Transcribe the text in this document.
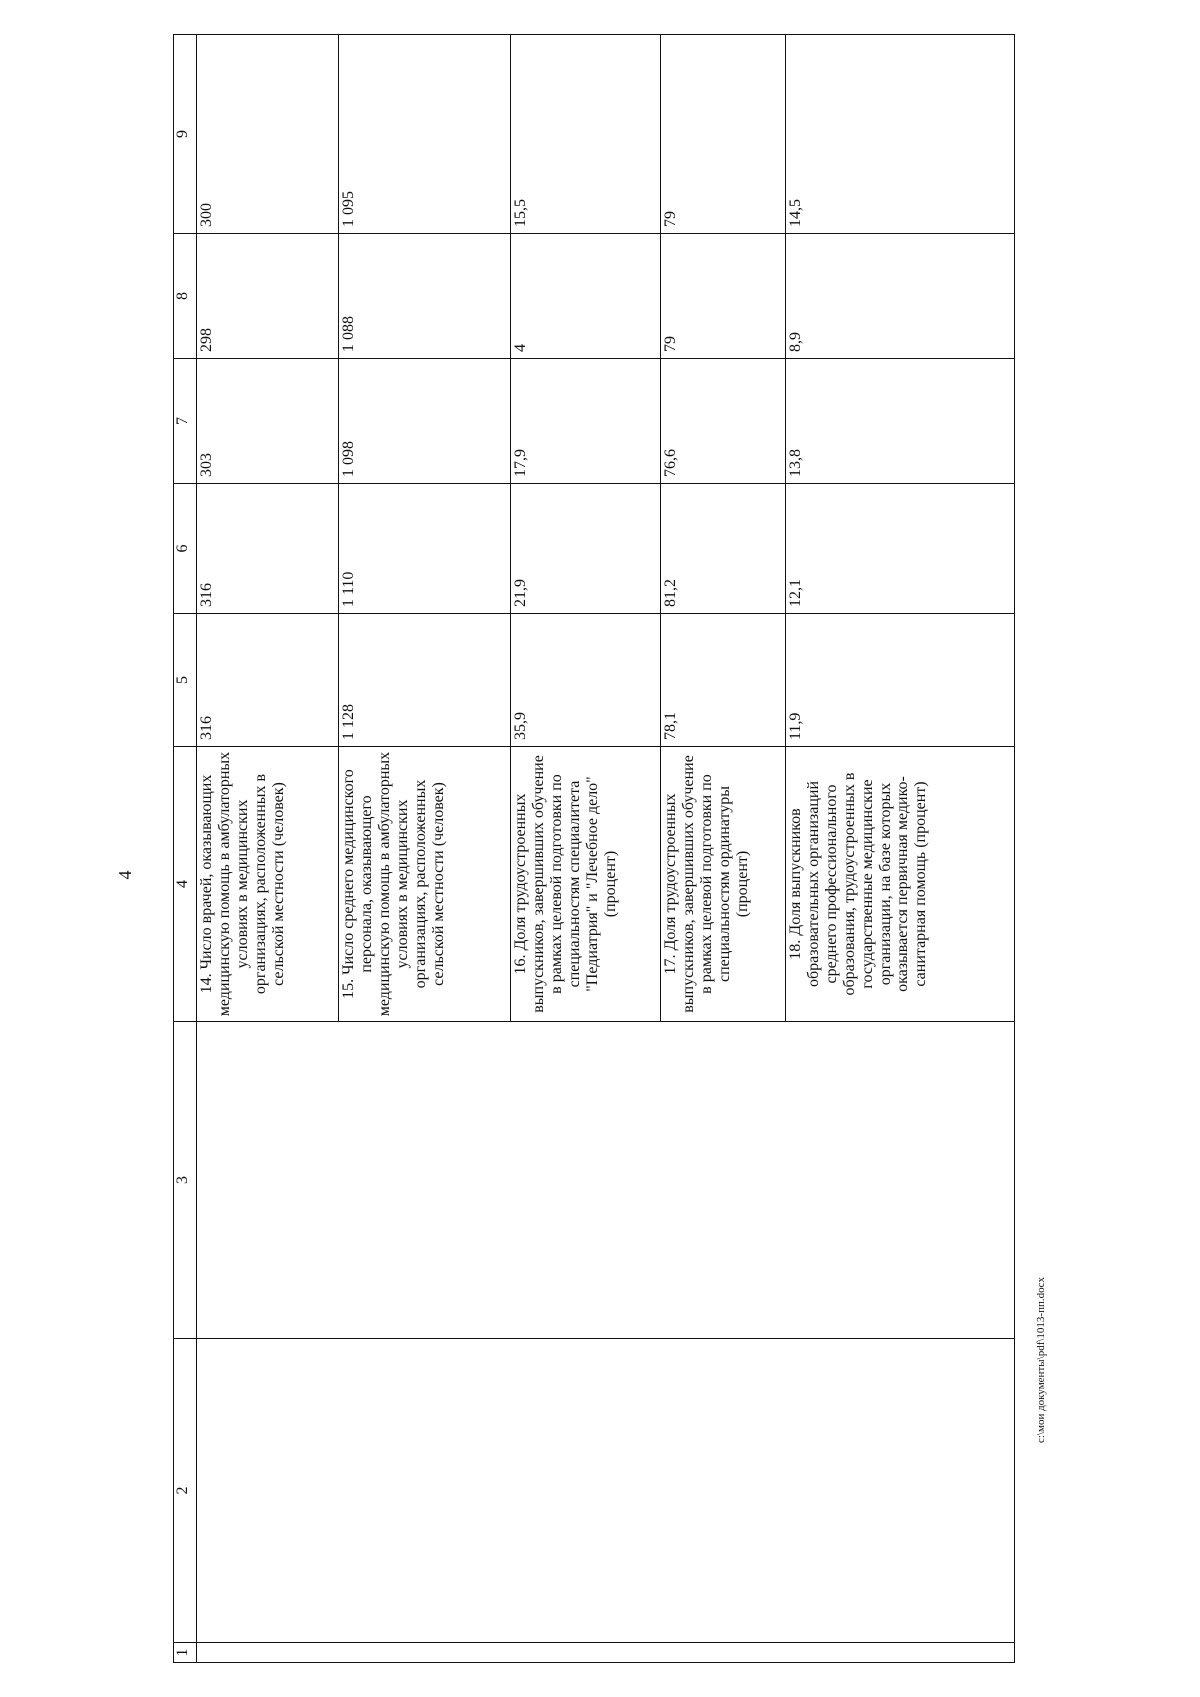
4
1	2	3	4	5	6	7	8	9
			14. Число врачей, оказывающих медицинскую помощь в амбулаторных условиях в медицинских организациях, расположенных в сельской местности (человек)	316	316	303	298	300
			15. Число среднего медицинского персонала, оказывающего медицинскую помощь в амбулаторных условиях в медицинских организациях, расположенных сельской местности (человек)	1 128	1 110	1 098	1 088	1 095
			16. Доля трудоустроенных выпускников, завершивших обучение в рамках целевой подготовки по специальностям специалитета "Педиатрия" и "Лечебное дело" (процент)	35,9	21,9	17,9	4	15,5
			17. Доля трудоустроенных выпускников, завершивших обучение в рамках целевой подготовки по специальностям ординатуры (процент)	78,1	81,2	76,6	79	79
			18. Доля выпускников образовательных организаций среднего профессионального образования, трудоустроенных в государственные медицинские организации, на базе которых оказывается первичная медико-санитарная помощь (процент)	11,9	12,1	13,8	8,9	14,5
c:\мои документы\pdf\1013-пп.docx
